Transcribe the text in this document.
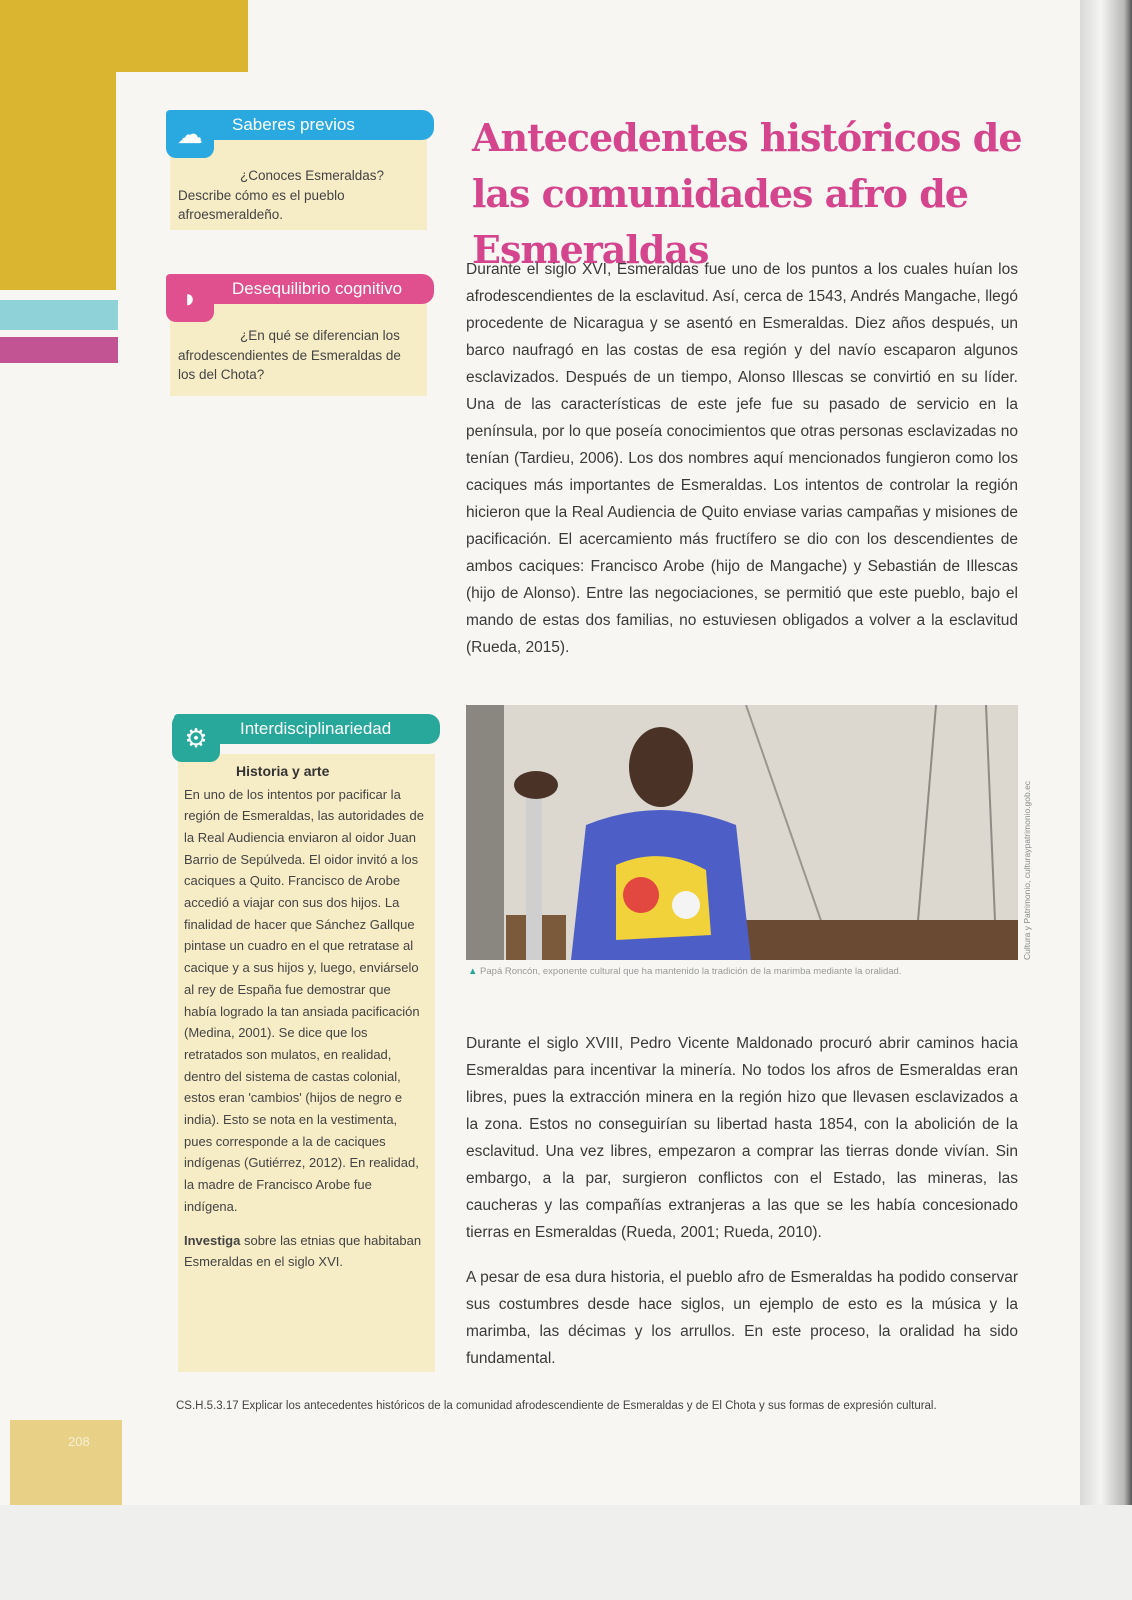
¿Conoces Esmeraldas? Describe cómo es el pueblo afroesmeraldeño.

Saberes previos
☁

¿En qué se diferencian los afrodescendientes de Esmeraldas de los del Chota?

Desequilibrio cognitivo
◗
Historia y arte

En uno de los intentos por pacificar la región de Esmeraldas, las autoridades de la Real Audiencia enviaron al oidor Juan Barrio de Sepúlveda. El oidor invitó a los caciques a Quito. Francisco de Arobe accedió a viajar con sus dos hijos. La finalidad de hacer que Sánchez Gallque pintase un cuadro en el que retratase al cacique y a sus hijos y, luego, enviárselo al rey de España fue demostrar que había logrado la tan ansiada pacificación (Medina, 2001). Se dice que los retratados son mulatos, en realidad, dentro del sistema de castas colonial, estos eran 'cambios' (hijos de negro e india). Esto se nota en la vestimenta, pues corresponde a la de caciques indígenas (Gutiérrez, 2012). En realidad, la madre de Francisco Arobe fue indígena.

Investiga sobre las etnias que habitaban Esmeraldas en el siglo XVI.

Interdisciplinariedad
⚙
Antecedentes históricos de las comunidades afro de Esmeraldas

Durante el siglo XVI, Esmeraldas fue uno de los puntos a los cuales huían los afrodescendientes de la esclavitud. Así, cerca de 1543, Andrés Mangache, llegó procedente de Nicaragua y se asentó en Esmeraldas. Diez años después, un barco naufragó en las costas de esa región y del navío escaparon algunos esclavizados. Después de un tiempo, Alonso Illescas se convirtió en su líder. Una de las características de este jefe fue su pasado de servicio en la península, por lo que poseía conocimientos que otras personas esclavizadas no tenían (Tardieu, 2006). Los dos nombres aquí mencionados fungieron como los caciques más importantes de Esmeraldas. Los intentos de controlar la región hicieron que la Real Audiencia de Quito enviase varias campañas y misiones de pacificación. El acercamiento más fructífero se dio con los descendientes de ambos caciques: Francisco Arobe (hijo de Mangache) y Sebastián de Illescas (hijo de Alonso). Entre las negociaciones, se permitió que este pueblo, bajo el mando de estas dos familias, no estuviesen obligados a volver a la esclavitud (Rueda, 2015).

▲ Papá Roncón, exponente cultural que ha mantenido la tradición de la marimba mediante la oralidad.
Cultura y Patrimonio, culturaypatrimonio.gob.ec

Durante el siglo XVIII, Pedro Vicente Maldonado procuró abrir caminos hacia Esmeraldas para incentivar la minería. No todos los afros de Esmeraldas eran libres, pues la extracción minera en la región hizo que llevasen esclavizados a la zona. Estos no conseguirían su libertad hasta 1854, con la abolición de la esclavitud. Una vez libres, empezaron a comprar las tierras donde vivían. Sin embargo, a la par, surgieron conflictos con el Estado, las mineras, las caucheras y las compañías extranjeras a las que se les había concesionado tierras en Esmeraldas (Rueda, 2001; Rueda, 2010).

A pesar de esa dura historia, el pueblo afro de Esmeraldas ha podido conservar sus costumbres desde hace siglos, un ejemplo de esto es la música y la marimba, las décimas y los arrullos. En este proceso, la oralidad ha sido fundamental.

CS.H.5.3.17 Explicar los antecedentes históricos de la comunidad afrodescendiente de Esmeraldas y de El Chota y sus formas de expresión cultural.
208
